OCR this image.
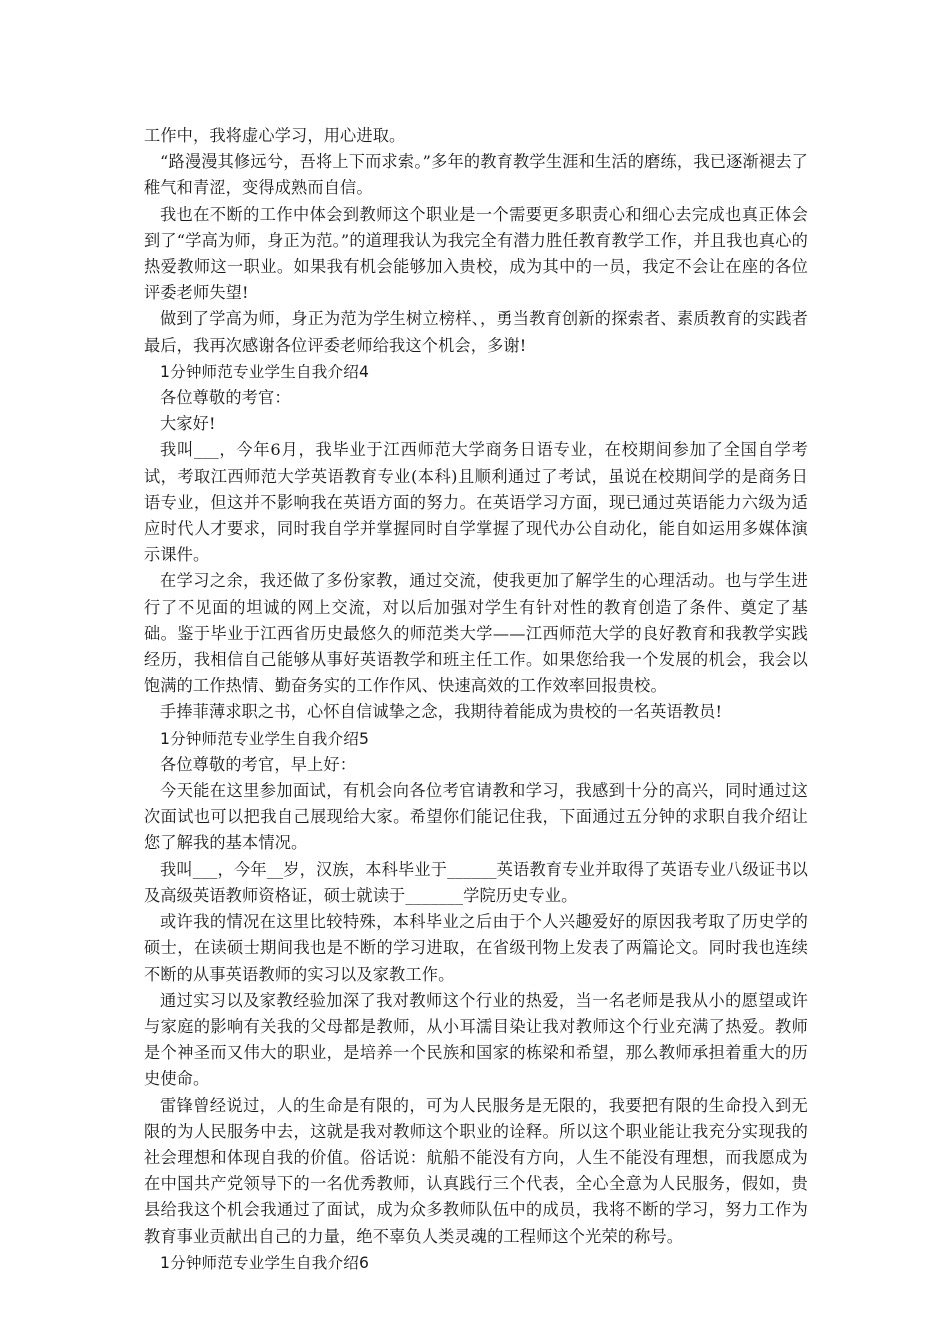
工作中，我将虚心学习，用心进取。

“路漫漫其修远兮，吾将上下而求索。”多年的教育教学生涯和生活的磨练，我已逐渐褪去了稚气和青涩，变得成熟而自信。

我也在不断的工作中体会到教师这个职业是一个需要更多职责心和细心去完成也真正体会到了“学高为师，身正为范。”的道理我认为我完全有潜力胜任教育教学工作，并且我也真心的热爱教师这一职业。如果我有机会能够加入贵校，成为其中的一员，我定不会让在座的各位评委老师失望!

做到了学高为师，身正为范为学生树立榜样、，勇当教育创新的探索者、素质教育的实践者最后，我再次感谢各位评委老师给我这个机会，多谢!

1分钟师范专业学生自我介绍4

各位尊敬的考官：

大家好!

我叫___，今年6月，我毕业于江西师范大学商务日语专业，在校期间参加了全国自学考试，考取江西师范大学英语教育专业(本科)且顺利通过了考试，虽说在校期间学的是商务日语专业，但这并不影响我在英语方面的努力。在英语学习方面，现已通过英语能力六级为适应时代人才要求，同时我自学并掌握同时自学掌握了现代办公自动化，能自如运用多媒体演示课件。

在学习之余，我还做了多份家教，通过交流，使我更加了解学生的心理活动。也与学生进行了不见面的坦诚的网上交流，对以后加强对学生有针对性的教育创造了条件、奠定了基础。鉴于毕业于江西省历史最悠久的师范类大学——江西师范大学的良好教育和我教学实践经历，我相信自己能够从事好英语教学和班主任工作。如果您给我一个发展的机会，我会以饱满的工作热情、勤奋务实的工作作风、快速高效的工作效率回报贵校。

手捧菲薄求职之书，心怀自信诚挚之念，我期待着能成为贵校的一名英语教员!

1分钟师范专业学生自我介绍5

各位尊敬的考官，早上好：

今天能在这里参加面试，有机会向各位考官请教和学习，我感到十分的高兴，同时通过这次面试也可以把我自己展现给大家。希望你们能记住我，下面通过五分钟的求职自我介绍让您了解我的基本情况。

我叫___，今年__岁，汉族，本科毕业于______英语教育专业并取得了英语专业八级证书以及高级英语教师资格证，硕士就读于_______学院历史专业。

或许我的情况在这里比较特殊，本科毕业之后由于个人兴趣爱好的原因我考取了历史学的硕士，在读硕士期间我也是不断的学习进取，在省级刊物上发表了两篇论文。同时我也连续不断的从事英语教师的实习以及家教工作。

通过实习以及家教经验加深了我对教师这个行业的热爱，当一名老师是我从小的愿望或许与家庭的影响有关我的父母都是教师，从小耳濡目染让我对教师这个行业充满了热爱。教师是个神圣而又伟大的职业，是培养一个民族和国家的栋梁和希望，那么教师承担着重大的历史使命。

雷锋曾经说过，人的生命是有限的，可为人民服务是无限的，我要把有限的生命投入到无限的为人民服务中去，这就是我对教师这个职业的诠释。所以这个职业能让我充分实现我的社会理想和体现自我的价值。俗话说：航船不能没有方向，人生不能没有理想，而我愿成为在中国共产党领导下的一名优秀教师，认真践行三个代表，全心全意为人民服务，假如，贵县给我这个机会我通过了面试，成为众多教师队伍中的成员，我将不断的学习，努力工作为教育事业贡献出自己的力量，绝不辜负人类灵魂的工程师这个光荣的称号。

1分钟师范专业学生自我介绍6
